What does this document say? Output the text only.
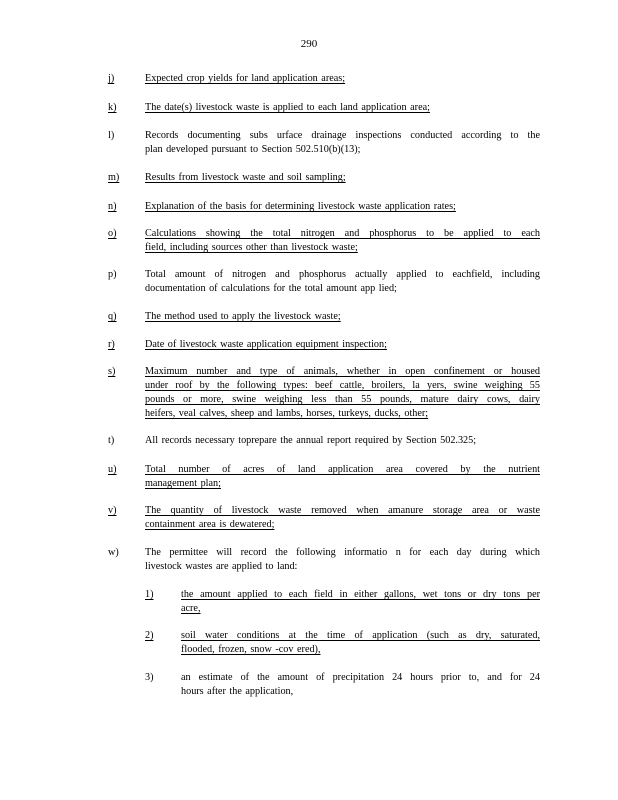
290
j)	Expected crop yields for land application areas;
k)	The date(s) livestock waste is applied to each land application area;
l)	Records documenting subs urface drainage inspections conducted according to the
plan developed pursuant to Section 502.510(b)(13);
m)	Results from livestock waste and soil sampling;
n)	Explanation of the basis for determining livestock waste application rates;
o)	Calculations showing the total nitrogen and phosphorus to be applied to each
field, including sources other than livestock waste;
p)	Total amount of nitrogen and phosphorus actually applied to eachfield, including
documentation of calculations for the total amount app lied;
q)	The method used to apply the livestock waste;
r)	Date of livestock waste application equipment inspection;
s)	Maximum number and type of animals, whether in open confinement or housed
under roof by the following types: beef cattle, broilers, la yers, swine weighing 55
pounds or more, swine weighing less than 55 pounds, mature dairy cows, dairy
heifers, veal calves, sheep and lambs, horses, turkeys, ducks, other;
t)	All records necessary toprepare the annual report required by Section 502.325;
u)	Total number of acres of land application area covered by the nutrient
management plan;
v)	The quantity of livestock waste removed when amanure storage area or waste
containment area is dewatered;
w)	The permittee will record the following informatio n for each day during which
livestock wastes are applied to land:
1)	the amount applied to each field in either gallons, wet tons or dry tons per
acre,
2)	soil water conditions at the time of application (such as dry, saturated,
flooded, frozen, snow -cov ered),
3)	an estimate of the amount of precipitation 24 hours prior to, and for 24
hours after the application,
